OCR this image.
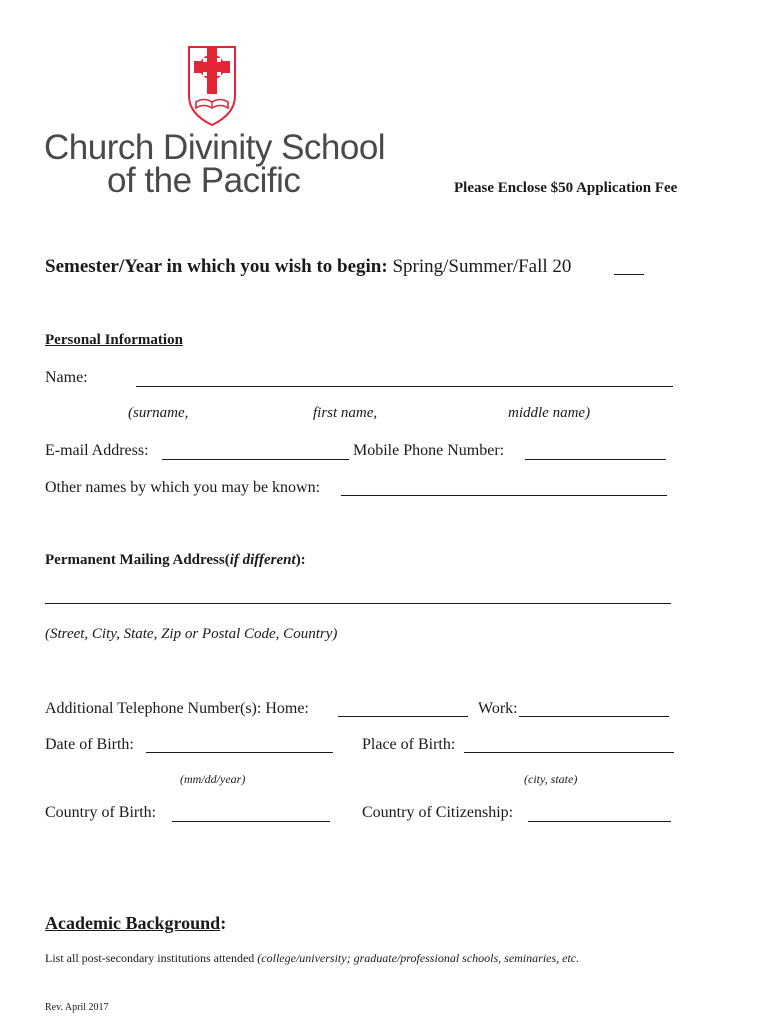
Church Divinity School
of the Pacific	Please Enclose $50 Application Fee
Semester/Year in which you wish to begin: Spring/Summer/Fall 20
Personal Information
Name:
(surname,	first name,	middle name)
E-mail Address:	Mobile Phone Number:
Other names by which you may be known:
Permanent Mailing Address(if different):
(Street, City, State, Zip or Postal Code, Country)
Additional Telephone Number(s): Home:	Work:
Date of Birth:	Place of Birth:
(mm/dd/year)	(city, state)
Country of Birth:	Country of Citizenship:
Academic Background:
List all post-secondary institutions attended (college/university; graduate/professional schools, seminaries, etc.
Rev. April 2017
